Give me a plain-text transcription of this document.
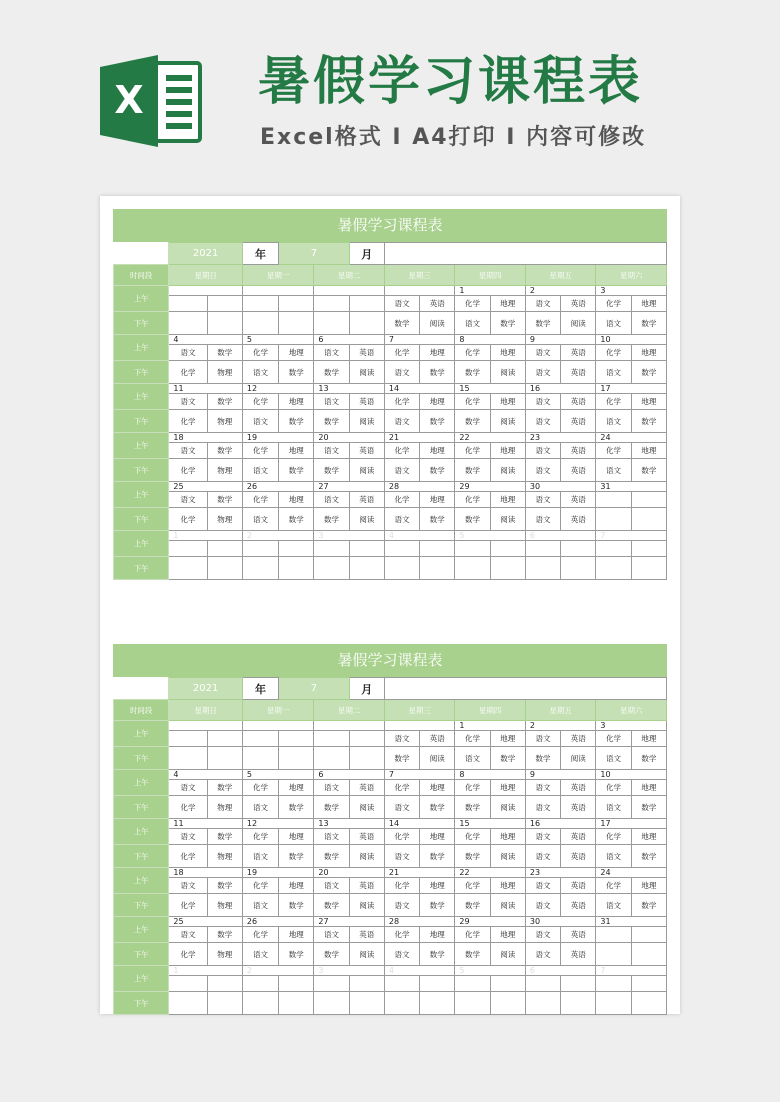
X 暑假学习课程表
Excel格式 I A4打印 I 内容可修改
暑假学习课程表
	2021		年	7		月								
时间段	星期日		星期一		星期二		星期三		星期四		星期五		星期六	
上午									1		2		3	
							语文	英语	化学	地理	语文	英语	化学	地理
下午							数学	阅读	语文	数学	数学	阅读	语文	数学
上午	4		5		6		7		8		9		10	
	语文	数学	化学	地理	语文	英语	化学	地理	化学	地理	语文	英语	化学	地理
下午	化学	物理	语文	数学	数学	阅读	语文	数学	数学	阅读	语文	英语	语文	数学
上午	11		12		13		14		15		16		17	
	语文	数学	化学	地理	语文	英语	化学	地理	化学	地理	语文	英语	化学	地理
下午	化学	物理	语文	数学	数学	阅读	语文	数学	数学	阅读	语文	英语	语文	数学
上午	18		19		20		21		22		23		24	
	语文	数学	化学	地理	语文	英语	化学	地理	化学	地理	语文	英语	化学	地理
下午	化学	物理	语文	数学	数学	阅读	语文	数学	数学	阅读	语文	英语	语文	数学
上午	25		26		27		28		29		30		31	
	语文	数学	化学	地理	语文	英语	化学	地理	化学	地理	语文	英语		
下午	化学	物理	语文	数学	数学	阅读	语文	数学	数学	阅读	语文	英语		
上午	1		2		3		4		5		6		7	

下午														
暑假学习课程表
	2021		年	7		月								
时间段	星期日		星期一		星期二		星期三		星期四		星期五		星期六	
上午									1		2		3	
							语文	英语	化学	地理	语文	英语	化学	地理
下午							数学	阅读	语文	数学	数学	阅读	语文	数学
上午	4		5		6		7		8		9		10	
	语文	数学	化学	地理	语文	英语	化学	地理	化学	地理	语文	英语	化学	地理
下午	化学	物理	语文	数学	数学	阅读	语文	数学	数学	阅读	语文	英语	语文	数学
上午	11		12		13		14		15		16		17	
	语文	数学	化学	地理	语文	英语	化学	地理	化学	地理	语文	英语	化学	地理
下午	化学	物理	语文	数学	数学	阅读	语文	数学	数学	阅读	语文	英语	语文	数学
上午	18		19		20		21		22		23		24	
	语文	数学	化学	地理	语文	英语	化学	地理	化学	地理	语文	英语	化学	地理
下午	化学	物理	语文	数学	数学	阅读	语文	数学	数学	阅读	语文	英语	语文	数学
上午	25		26		27		28		29		30		31	
	语文	数学	化学	地理	语文	英语	化学	地理	化学	地理	语文	英语		
下午	化学	物理	语文	数学	数学	阅读	语文	数学	数学	阅读	语文	英语		
上午	1		2		3		4		5		6		7	

下午														
